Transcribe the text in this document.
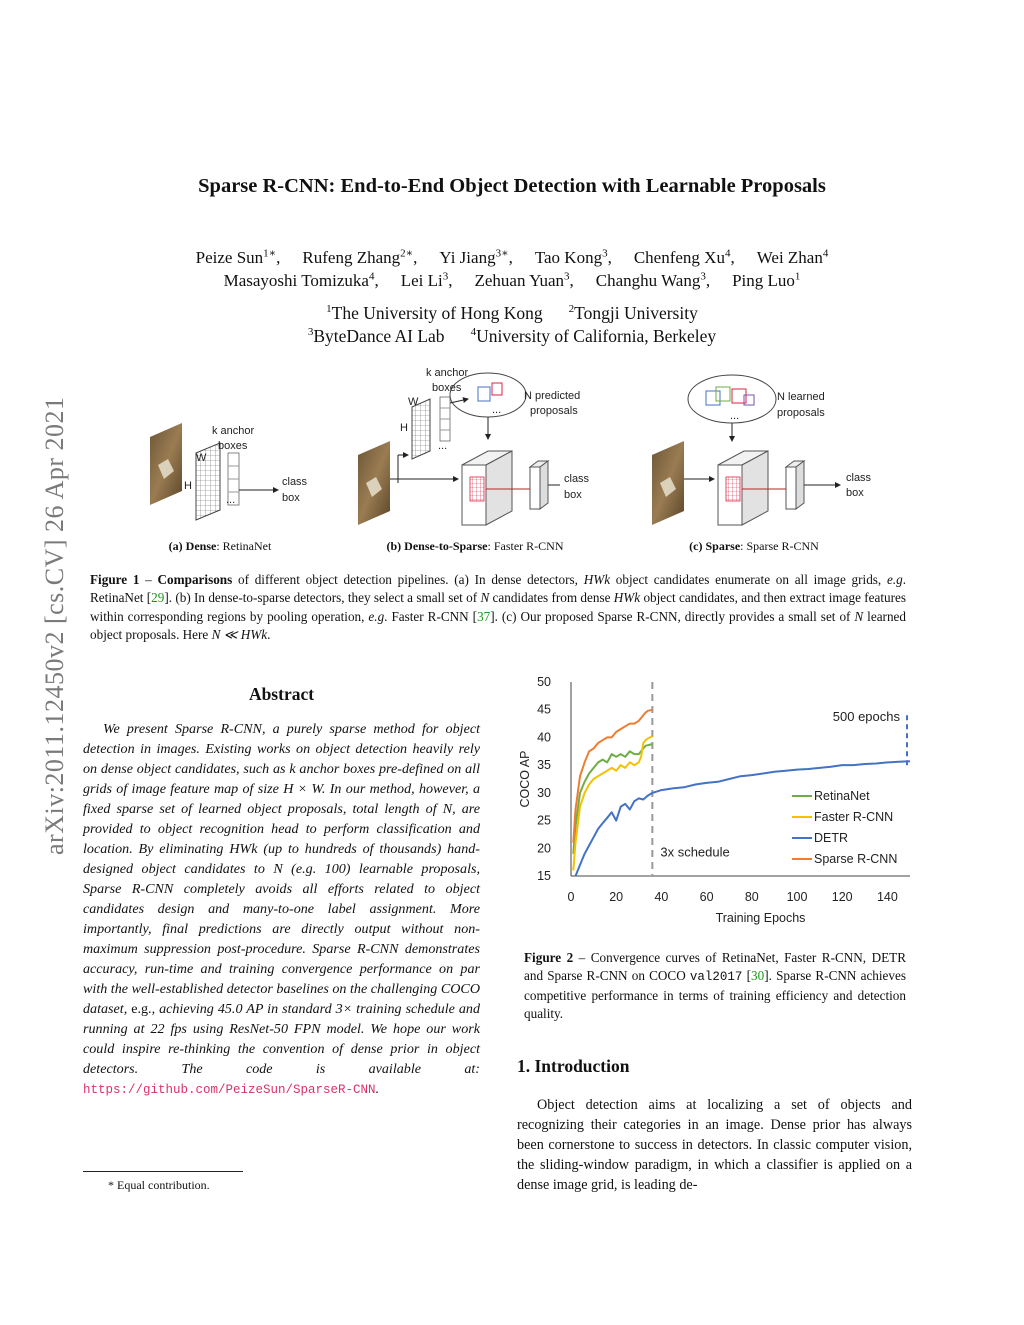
arXiv:2011.12450v2 [cs.CV] 26 Apr 2021
Sparse R-CNN: End-to-End Object Detection with Learnable Proposals
Peize Sun$^{1∗}$, Rufeng Zhang$^{2∗}$, Yi Jiang$^{3∗}$, Tao Kong$^3$, Chenfeng Xu$^4$, Wei Zhan$^4$
Masayoshi Tomizuka$^4$, Lei Li$^3$, Zehuan Yuan$^3$, Changhu Wang$^3$, Ping Luo$^1$
$^1$The University of Hong Kong $^2$Tongji University
$^3$ByteDance AI Lab $^4$University of California, Berkeley
k anchor
boxes
W
H
...
class
box
k anchor
boxes
W
H
...
...
N predicted
proposals
class
box
...
N learned
proposals
class
box
(a) Dense: RetinaNet	(b) Dense-to-Sparse: Faster R-CNN	(c) Sparse: Sparse R-CNN
Figure 1 – Comparisons of different object detection pipelines. (a) In dense detectors, HWk object candidates enumerate on all image grids, e.g. RetinaNet [29]. (b) In dense-to-sparse detectors, they select a small set of N candidates from dense HWk object candidates, and then extract image features within corresponding regions by pooling operation, e.g. Faster R-CNN [37]. (c) Our proposed Sparse R-CNN, directly provides a small set of N learned object proposals. Here N ≪ HWk.
Abstract
We present Sparse R-CNN, a purely sparse method for object detection in images. Existing works on object detection heavily rely on dense object candidates, such as k anchor boxes pre-defined on all grids of image feature map of size H × W. In our method, however, a fixed sparse set of learned object proposals, total length of N, are provided to object recognition head to perform classification and location. By eliminating HWk (up to hundreds of thousands) hand-designed object candidates to N (e.g. 100) learnable proposals, Sparse R-CNN completely avoids all efforts related to object candidates design and many-to-one label assignment. More importantly, final predictions are directly output without non-maximum suppression post-procedure. Sparse R-CNN demonstrates accuracy, run-time and training convergence performance on par with the well-established detector baselines on the challenging COCO dataset, e.g., achieving 45.0 AP in standard 3× training schedule and running at 22 fps using ResNet-50 FPN model. We hope our work could inspire re-thinking the convention of dense prior in object detectors. The code is available at: https://github.com/PeizeSun/SparseR-CNN.
* Equal contribution.
15
20
25
30
35
40
45
50
0	20	40	60	80 100 120 140
Training Epochs
COCO AP
3x schedule
500 epochs
RetinaNet
Faster R-CNN
DETR
Sparse R-CNN
Figure 2 – Convergence curves of RetinaNet, Faster R-CNN, DETR and Sparse R-CNN on COCO val2017 [30]. Sparse R-CNN achieves competitive performance in terms of training efficiency and detection quality.
1. Introduction
Object detection aims at localizing a set of objects and recognizing their categories in an image. Dense prior has always been cornerstone to success in detectors. In classic computer vision, the sliding-window paradigm, in which a classifier is applied on a dense image grid, is leading de-
